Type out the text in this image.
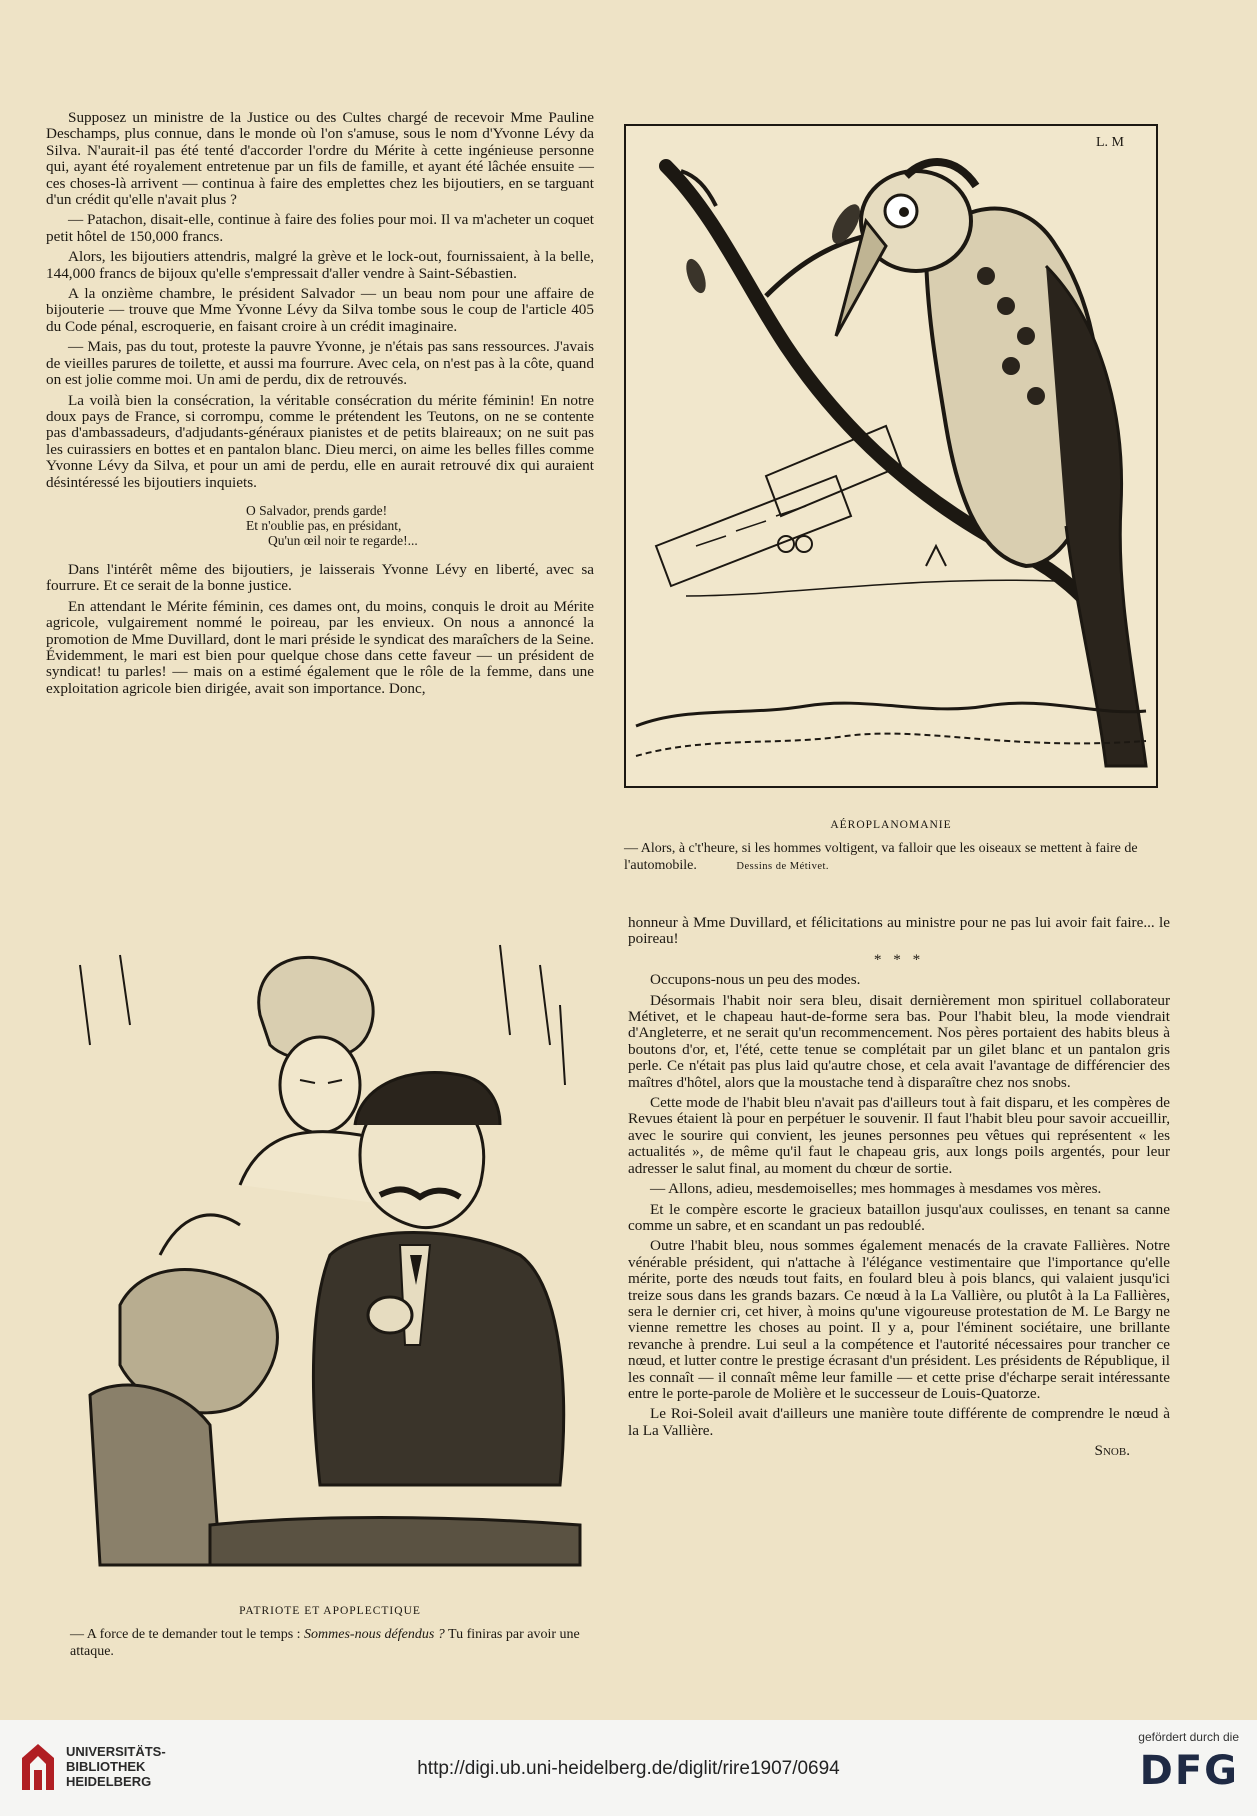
Supposez un ministre de la Justice ou des Cultes chargé de recevoir Mme Pauline Deschamps, plus connue, dans le monde où l'on s'amuse, sous le nom d'Yvonne Lévy da Silva. N'aurait-il pas été tenté d'accorder l'ordre du Mérite à cette ingénieuse personne qui, ayant été royalement entretenue par un fils de famille, et ayant été lâchée ensuite — ces choses-là arrivent — continua à faire des emplettes chez les bijoutiers, en se targuant d'un crédit qu'elle n'avait plus ?

— Patachon, disait-elle, continue à faire des folies pour moi. Il va m'acheter un coquet petit hôtel de 150,000 francs.

Alors, les bijoutiers attendris, malgré la grève et le lock-out, fournissaient, à la belle, 144,000 francs de bijoux qu'elle s'empressait d'aller vendre à Saint-Sébastien.

A la onzième chambre, le président Salvador — un beau nom pour une affaire de bijouterie — trouve que Mme Yvonne Lévy da Silva tombe sous le coup de l'article 405 du Code pénal, escroquerie, en faisant croire à un crédit imaginaire.

— Mais, pas du tout, proteste la pauvre Yvonne, je n'étais pas sans ressources. J'avais de vieilles parures de toilette, et aussi ma fourrure. Avec cela, on n'est pas à la côte, quand on est jolie comme moi. Un ami de perdu, dix de retrouvés.

La voilà bien la consécration, la véritable consécration du mérite féminin! En notre doux pays de France, si corrompu, comme le prétendent les Teutons, on ne se contente pas d'ambassadeurs, d'adjudants-généraux pianistes et de petits blaireaux; on ne suit pas les cuirassiers en bottes et en pantalon blanc. Dieu merci, on aime les belles filles comme Yvonne Lévy da Silva, et pour un ami de perdu, elle en aurait retrouvé dix qui auraient désintéressé les bijoutiers inquiets.

O Salvador, prends garde!
Et n'oublie pas, en présidant,
Qu'un œil noir te regarde!...

Dans l'intérêt même des bijoutiers, je laisserais Yvonne Lévy en liberté, avec sa fourrure. Et ce serait de la bonne justice.

En attendant le Mérite féminin, ces dames ont, du moins, conquis le droit au Mérite agricole, vulgairement nommé le poireau, par les envieux. On nous a annoncé la promotion de Mme Duvillard, dont le mari préside le syndicat des maraîchers de la Seine. Évidemment, le mari est bien pour quelque chose dans cette faveur — un président de syndicat! tu parles! — mais on a estimé également que le rôle de la femme, dans une exploitation agricole bien dirigée, avait son importance. Donc,

L. M
AÉROPLANOMANIE
— Alors, à c't'heure, si les hommes voltigent, va falloir que les oiseaux se mettent à faire de l'automobile.	Dessins de Métivet.

honneur à Mme Duvillard, et félicitations au ministre pour ne pas lui avoir fait faire... le poireau!

* * *

Occupons-nous un peu des modes.

Désormais l'habit noir sera bleu, disait dernièrement mon spirituel collaborateur Métivet, et le chapeau haut-de-forme sera bas. Pour l'habit bleu, la mode viendrait d'Angleterre, et ne serait qu'un recommencement. Nos pères portaient des habits bleus à boutons d'or, et, l'été, cette tenue se complétait par un gilet blanc et un pantalon gris perle. Ce n'était pas plus laid qu'autre chose, et cela avait l'avantage de différencier des maîtres d'hôtel, alors que la moustache tend à disparaître chez nos snobs.

Cette mode de l'habit bleu n'avait pas d'ailleurs tout à fait disparu, et les compères de Revues étaient là pour en perpétuer le souvenir. Il faut l'habit bleu pour savoir accueillir, avec le sourire qui convient, les jeunes personnes peu vêtues qui représentent « les actualités », de même qu'il faut le chapeau gris, aux longs poils argentés, pour leur adresser le salut final, au moment du chœur de sortie.

— Allons, adieu, mesdemoiselles; mes hommages à mesdames vos mères.

Et le compère escorte le gracieux bataillon jusqu'aux coulisses, en tenant sa canne comme un sabre, et en scandant un pas redoublé.

Outre l'habit bleu, nous sommes également menacés de la cravate Fallières. Notre vénérable président, qui n'attache à l'élégance vestimentaire que l'importance qu'elle mérite, porte des nœuds tout faits, en foulard bleu à pois blancs, qui valaient jusqu'ici treize sous dans les grands bazars. Ce nœud à la La Vallière, ou plutôt à la La Fallières, sera le dernier cri, cet hiver, à moins qu'une vigoureuse protestation de M. Le Bargy ne vienne remettre les choses au point. Il y a, pour l'éminent sociétaire, une brillante revanche à prendre. Lui seul a la compétence et l'autorité nécessaires pour trancher ce nœud, et lutter contre le prestige écrasant d'un président. Les présidents de République, il les connaît — il connaît même leur famille — et cette prise d'écharpe serait intéressante entre le porte-parole de Molière et le successeur de Louis-Quatorze.

Le Roi-Soleil avait d'ailleurs une manière toute différente de comprendre le nœud à la La Vallière.

Snob.

PATRIOTE ET APOPLECTIQUE
— A force de te demander tout le temps : Sommes-nous défendus ? Tu finiras par avoir une attaque.
UNIVERSITÄTS-
BIBLIOTHEK
HEIDELBERG
http://digi.ub.uni-heidelberg.de/diglit/rire1907/0694
gefördert durch die
DFG
